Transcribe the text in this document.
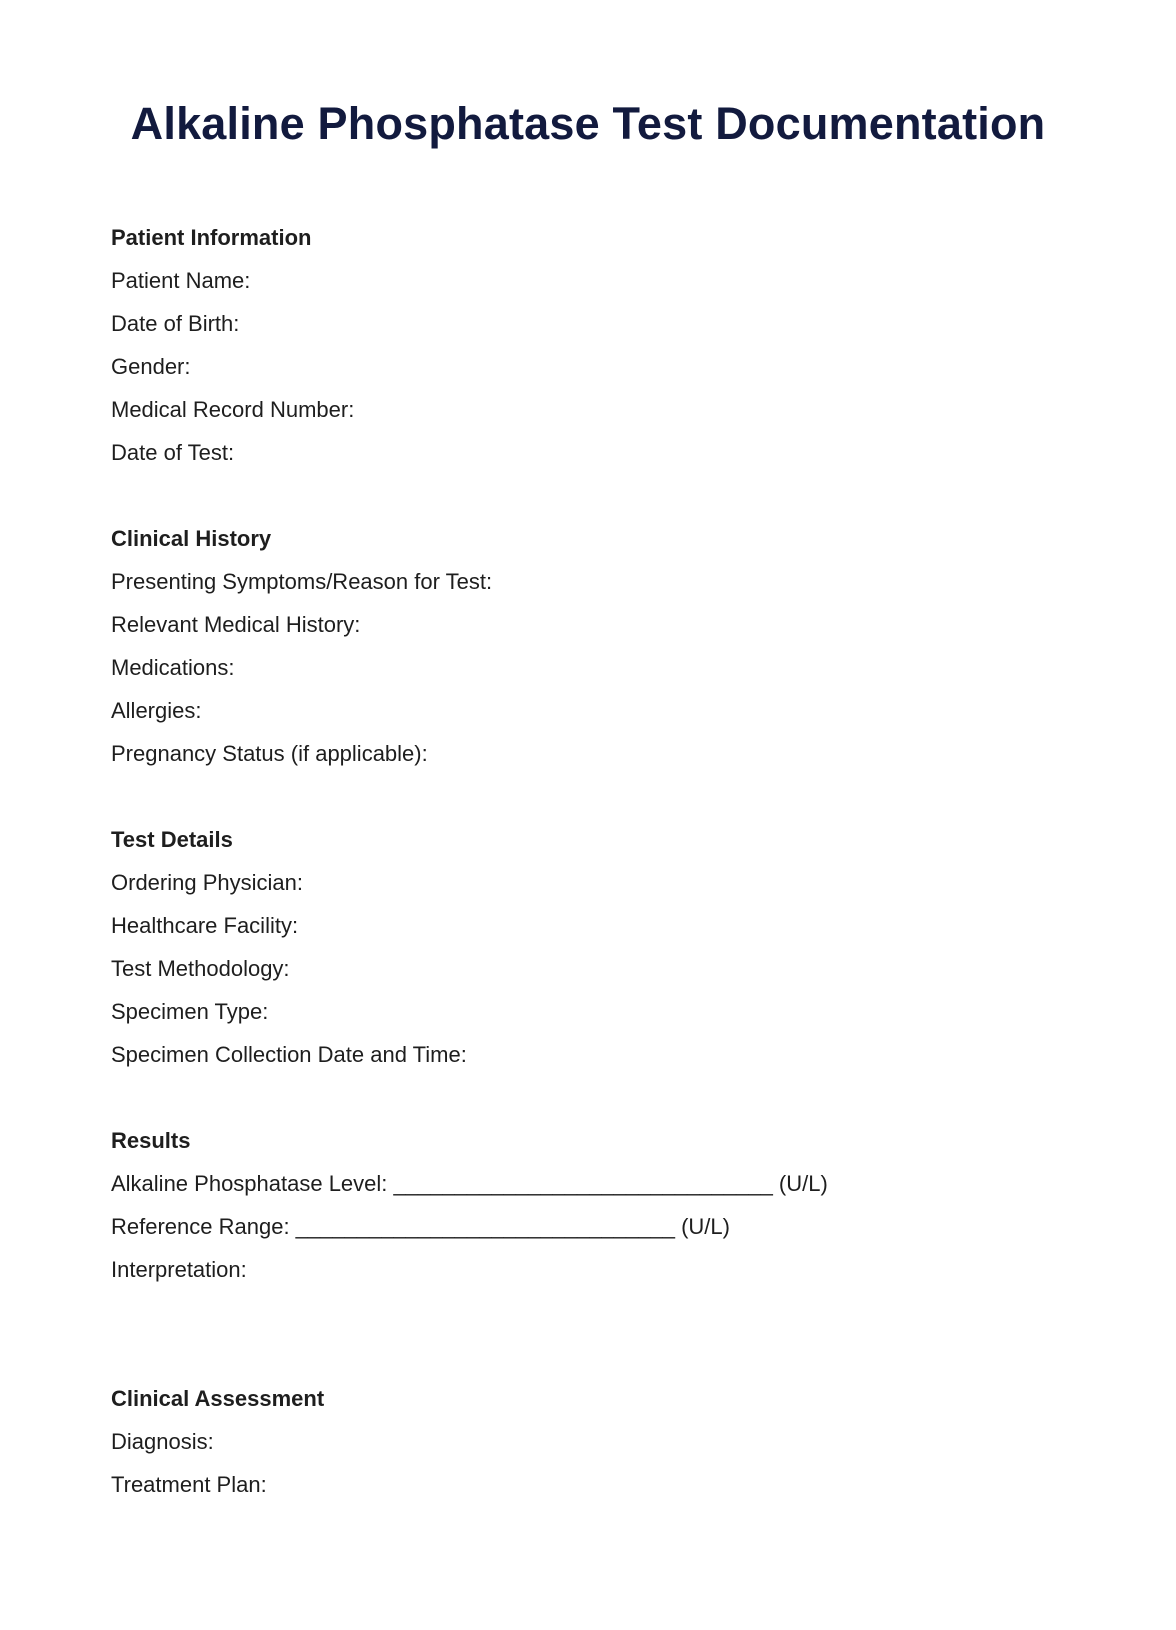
Alkaline Phosphatase Test Documentation
Patient Information
Patient Name:
Date of Birth:
Gender:
Medical Record Number:
Date of Test:
Clinical History
Presenting Symptoms/Reason for Test:
Relevant Medical History:
Medications:
Allergies:
Pregnancy Status (if applicable):
Test Details
Ordering Physician:
Healthcare Facility:
Test Methodology:
Specimen Type:
Specimen Collection Date and Time:
Results
Alkaline Phosphatase Level: _______________________________ (U/L)
Reference Range: _______________________________ (U/L)
Interpretation:
Clinical Assessment
Diagnosis:
Treatment Plan:
